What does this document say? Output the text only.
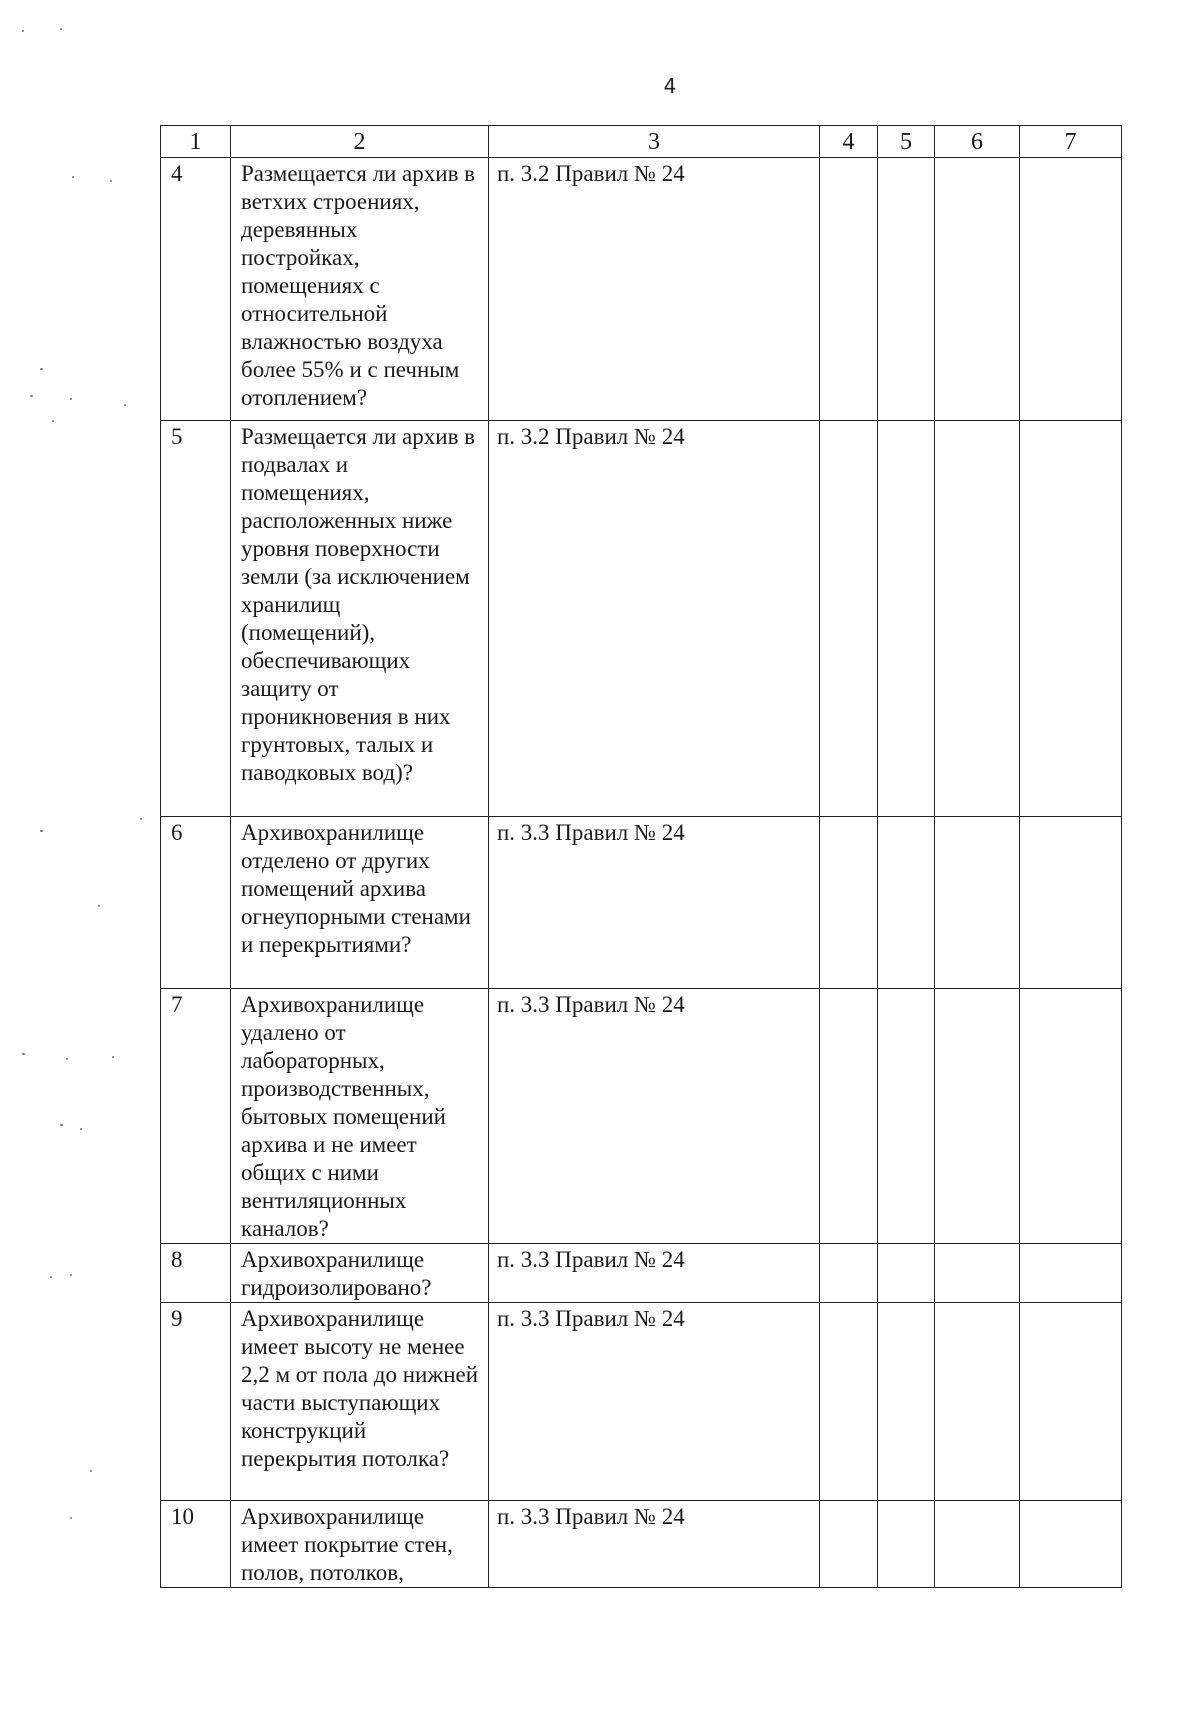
4
1	2	3	4	5	6	7
4	Размещается ли архив в ветхих строениях, деревянных постройках, помещениях с относительной влажностью воздуха более 55% и с печным отоплением?	п. 3.2 Правил № 24				
5	Размещается ли архив в подвалах и помещениях, расположенных ниже уровня поверхности земли (за исключением хранилищ (помещений), обеспечивающих защиту от проникновения в них грунтовых, талых и паводковых вод)?	п. 3.2 Правил № 24				
6	Архивохранилище отделено от других помещений архива огнеупорными стенами и перекрытиями?	п. 3.3 Правил № 24				
7	Архивохранилище удалено от лабораторных, производственных, бытовых помещений архива и не имеет общих с ними вентиляционных каналов?	п. 3.3 Правил № 24				
8	Архивохранилище гидроизолировано?	п. 3.3 Правил № 24				
9	Архивохранилище имеет высоту не менее 2,2 м от пола до нижней части выступающих конструкций перекрытия потолка?	п. 3.3 Правил № 24				
10	Архивохранилище имеет покрытие стен, полов, потолков,	п. 3.3 Правил № 24				
